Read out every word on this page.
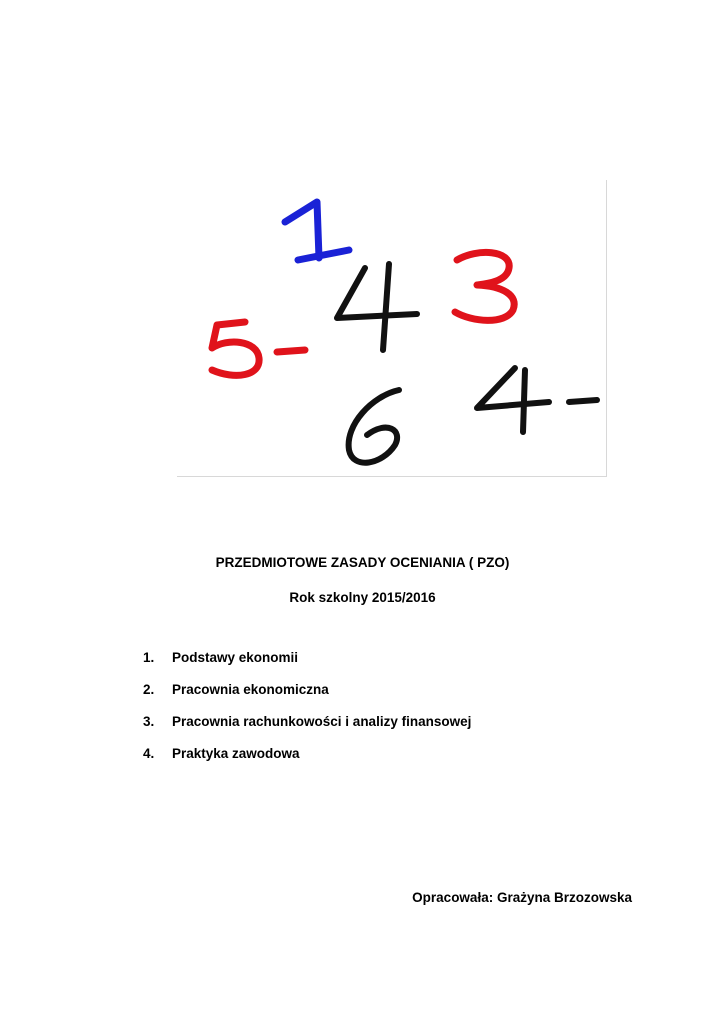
PRZEDMIOTOWE ZASADY OCENIANIA ( PZO)
Rok szkolny 2015/2016
1.	Podstawy ekonomii
2.	Pracownia ekonomiczna
3.	Pracownia rachunkowości i analizy finansowej
4.	Praktyka zawodowa
Opracowała: Grażyna Brzozowska
